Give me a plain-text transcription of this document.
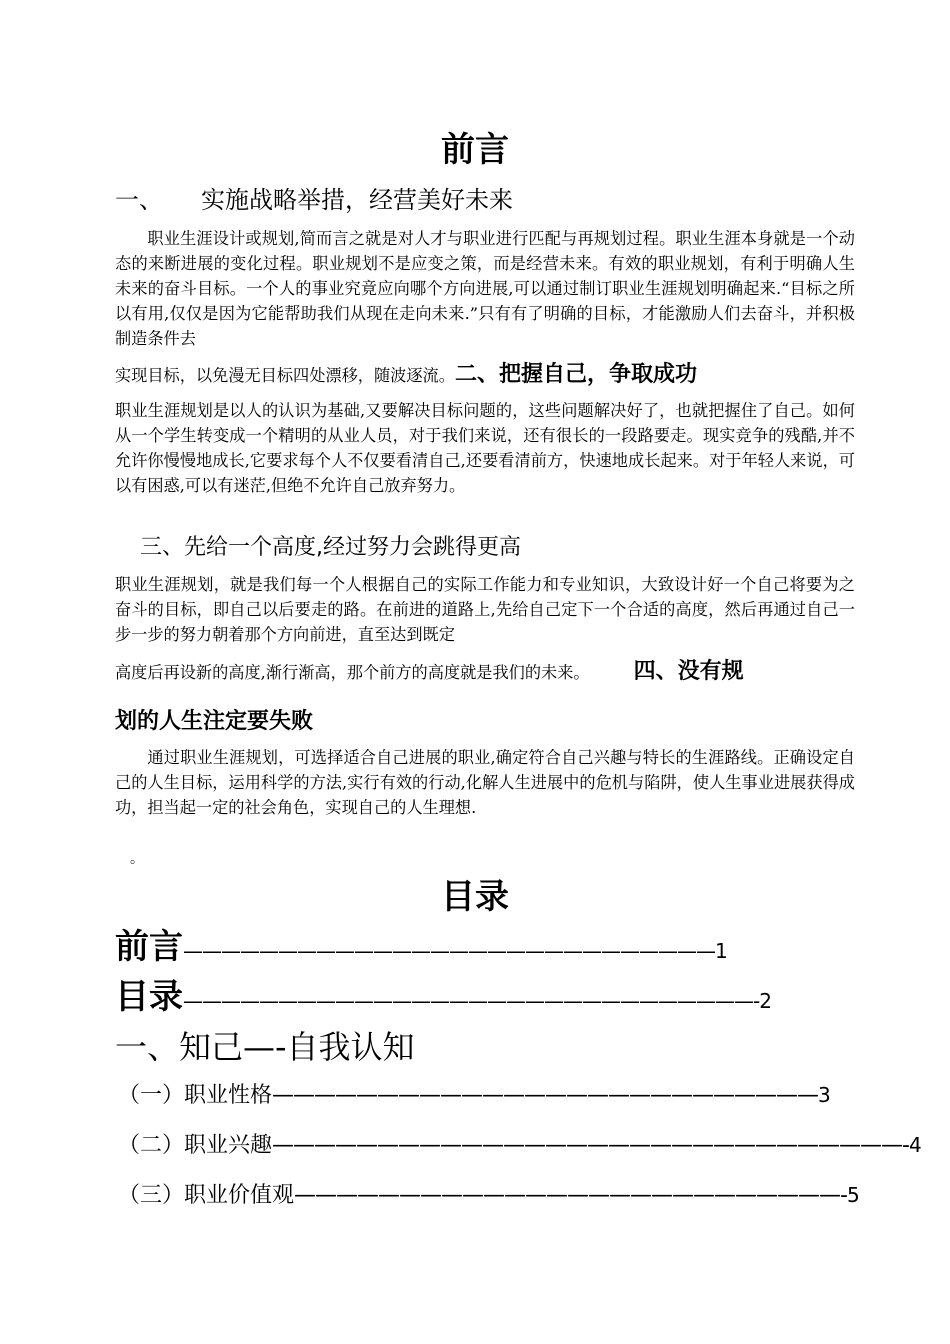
前言
一、 实施战略举措，经营美好未来

职业生涯设计或规划,简而言之就是对人才与职业进行匹配与再规划过程。职业生涯本身就是一个动态的来断进展的变化过程。职业规划不是应变之策，而是经营未来。有效的职业规划，有利于明确人生未来的奋斗目标。一个人的事业究竟应向哪个方向进展,可以通过制订职业生涯规划明确起来.“目标之所以有用,仅仅是因为它能帮助我们从现在走向未来.”只有有了明确的目标，才能激励人们去奋斗，并积极制造条件去

实现目标，以免漫无目标四处漂移，随波逐流。二、把握自己，争取成功

职业生涯规划是以人的认识为基础,又要解决目标问题的，这些问题解决好了，也就把握住了自己。如何从一个学生转变成一个精明的从业人员，对于我们来说，还有很长的一段路要走。现实竞争的残酷,并不允许你慢慢地成长,它要求每个人不仅要看清自己,还要看清前方，快速地成长起来。对于年轻人来说，可以有困惑,可以有迷茫,但绝不允许自己放弃努力。

三、先给一个高度,经过努力会跳得更高

职业生涯规划，就是我们每一个人根据自己的实际工作能力和专业知识，大致设计好一个自己将要为之奋斗的目标，即自己以后要走的路。在前进的道路上,先给自己定下一个合适的高度，然后再通过自己一步一步的努力朝着那个方向前进，直至达到既定

高度后再设新的高度,渐行渐高，那个前方的高度就是我们的未来。 四、没有规
划的人生注定要失败

通过职业生涯规划，可选择适合自己进展的职业,确定符合自己兴趣与特长的生涯路线。正确设定自己的人生目标，运用科学的方法,实行有效的行动,化解人生进展中的危机与陷阱，使人生事业进展获得成功，担当起一定的社会角色，实现自己的人生理想.

。
目录
前言————————————————————————————1
目录——————————————————————————————-2
一、知己—-自我认知
（一）职业性格——————————————————————————3
（二）职业兴趣——————————————————————————————-4
（三）职业价值观——————————————————————————-5
